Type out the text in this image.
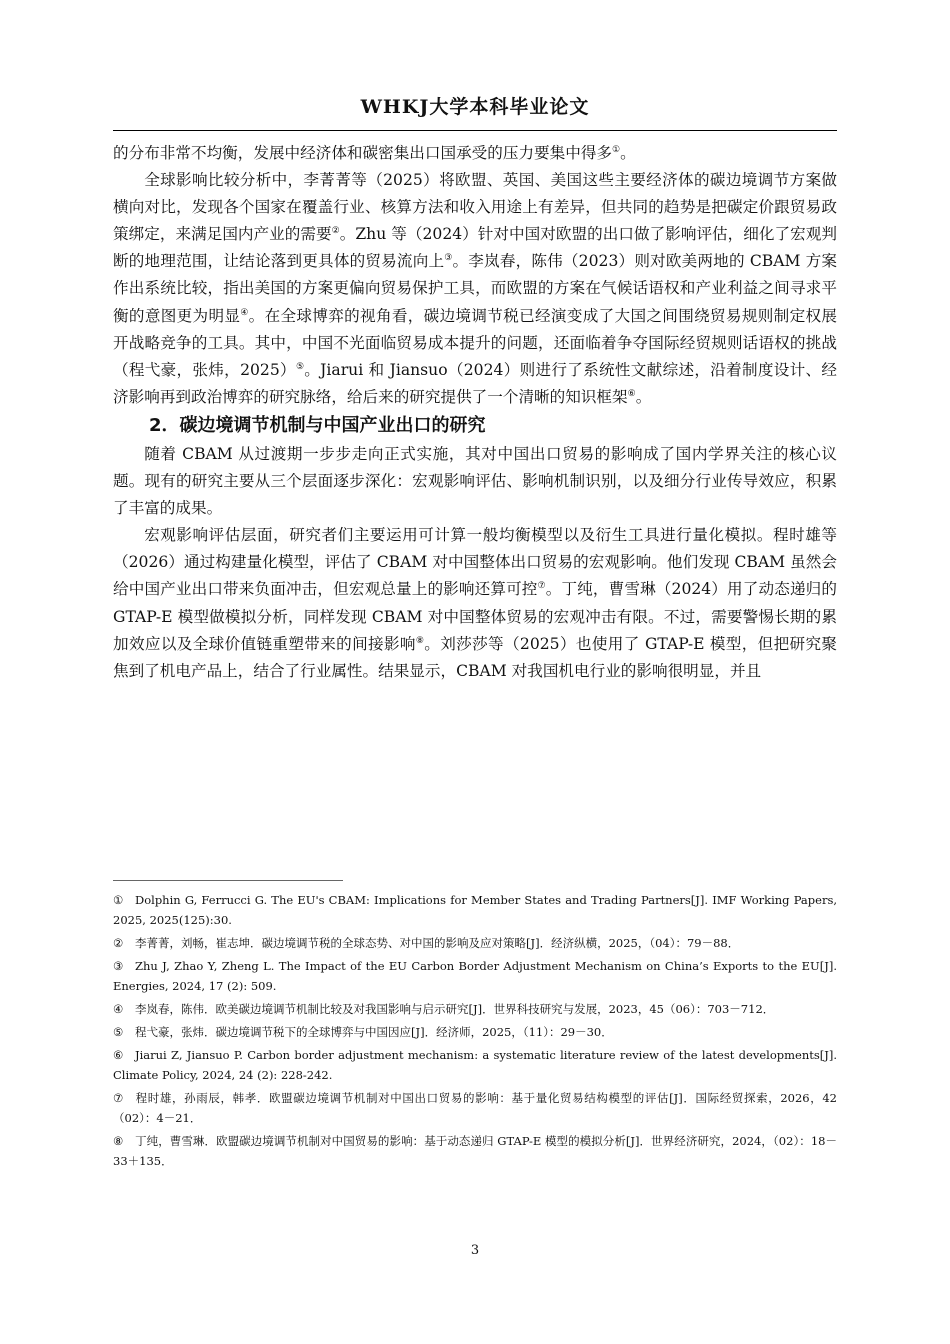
WHKJ大学本科毕业论文

的分布非常不均衡，发展中经济体和碳密集出口国承受的压力要集中得多①。

全球影响比较分析中，李菁菁等（2025）将欧盟、英国、美国这些主要经济体的碳边境调节方案做横向对比，发现各个国家在覆盖行业、核算方法和收入用途上有差异，但共同的趋势是把碳定价跟贸易政策绑定，来满足国内产业的需要②。Zhu 等（2024）针对中国对欧盟的出口做了影响评估，细化了宏观判断的地理范围，让结论落到更具体的贸易流向上③。李岚春，陈伟（2023）则对欧美两地的 CBAM 方案作出系统比较，指出美国的方案更偏向贸易保护工具，而欧盟的方案在气候话语权和产业利益之间寻求平衡的意图更为明显④。在全球博弈的视角看，碳边境调节税已经演变成了大国之间围绕贸易规则制定权展开战略竞争的工具。其中，中国不光面临贸易成本提升的问题，还面临着争夺国际经贸规则话语权的挑战（程弋豪，张炜，2025）⑤。Jiarui 和 Jiansuo（2024）则进行了系统性文献综述，沿着制度设计、经济影响再到政治博弈的研究脉络，给后来的研究提供了一个清晰的知识框架⑥。

2．碳边境调节机制与中国产业出口的研究

随着 CBAM 从过渡期一步步走向正式实施，其对中国出口贸易的影响成了国内学界关注的核心议题。现有的研究主要从三个层面逐步深化：宏观影响评估、影响机制识别，以及细分行业传导效应，积累了丰富的成果。

宏观影响评估层面，研究者们主要运用可计算一般均衡模型以及衍生工具进行量化模拟。程时雄等（2026）通过构建量化模型，评估了 CBAM 对中国整体出口贸易的宏观影响。他们发现 CBAM 虽然会给中国产业出口带来负面冲击，但宏观总量上的影响还算可控⑦。丁纯，曹雪琳（2024）用了动态递归的 GTAP-E 模型做模拟分析，同样发现 CBAM 对中国整体贸易的宏观冲击有限。不过，需要警惕长期的累加效应以及全球价值链重塑带来的间接影响⑧。刘莎莎等（2025）也使用了 GTAP-E 模型，但把研究聚焦到了机电产品上，结合了行业属性。结果显示，CBAM 对我国机电行业的影响很明显，并且

① Dolphin G, Ferrucci G. The EU's CBAM: Implications for Member States and Trading Partners[J]. IMF Working Papers, 2025, 2025(125):30.
② 李菁菁，刘畅，崔志坤．碳边境调节税的全球态势、对中国的影响及应对策略[J]．经济纵横，2025，（04）：79－88．
③ Zhu J, Zhao Y, Zheng L. The Impact of the EU Carbon Border Adjustment Mechanism on China’s Exports to the EU[J]. Energies, 2024, 17 (2): 509.
④ 李岚春，陈伟．欧美碳边境调节机制比较及对我国影响与启示研究[J]．世界科技研究与发展，2023，45（06）：703－712．
⑤ 程弋豪，张炜．碳边境调节税下的全球博弈与中国因应[J]．经济师，2025，（11）：29－30．
⑥ Jiarui Z, Jiansuo P. Carbon border adjustment mechanism: a systematic literature review of the latest developments[J]. Climate Policy, 2024, 24 (2): 228-242.
⑦ 程时雄，孙雨辰，韩孝．欧盟碳边境调节机制对中国出口贸易的影响：基于量化贸易结构模型的评估[J]．国际经贸探索，2026，42（02）：4－21．
⑧ 丁纯，曹雪琳．欧盟碳边境调节机制对中国贸易的影响：基于动态递归 GTAP-E 模型的模拟分析[J]．世界经济研究，2024，（02）：18－33＋135．
3
